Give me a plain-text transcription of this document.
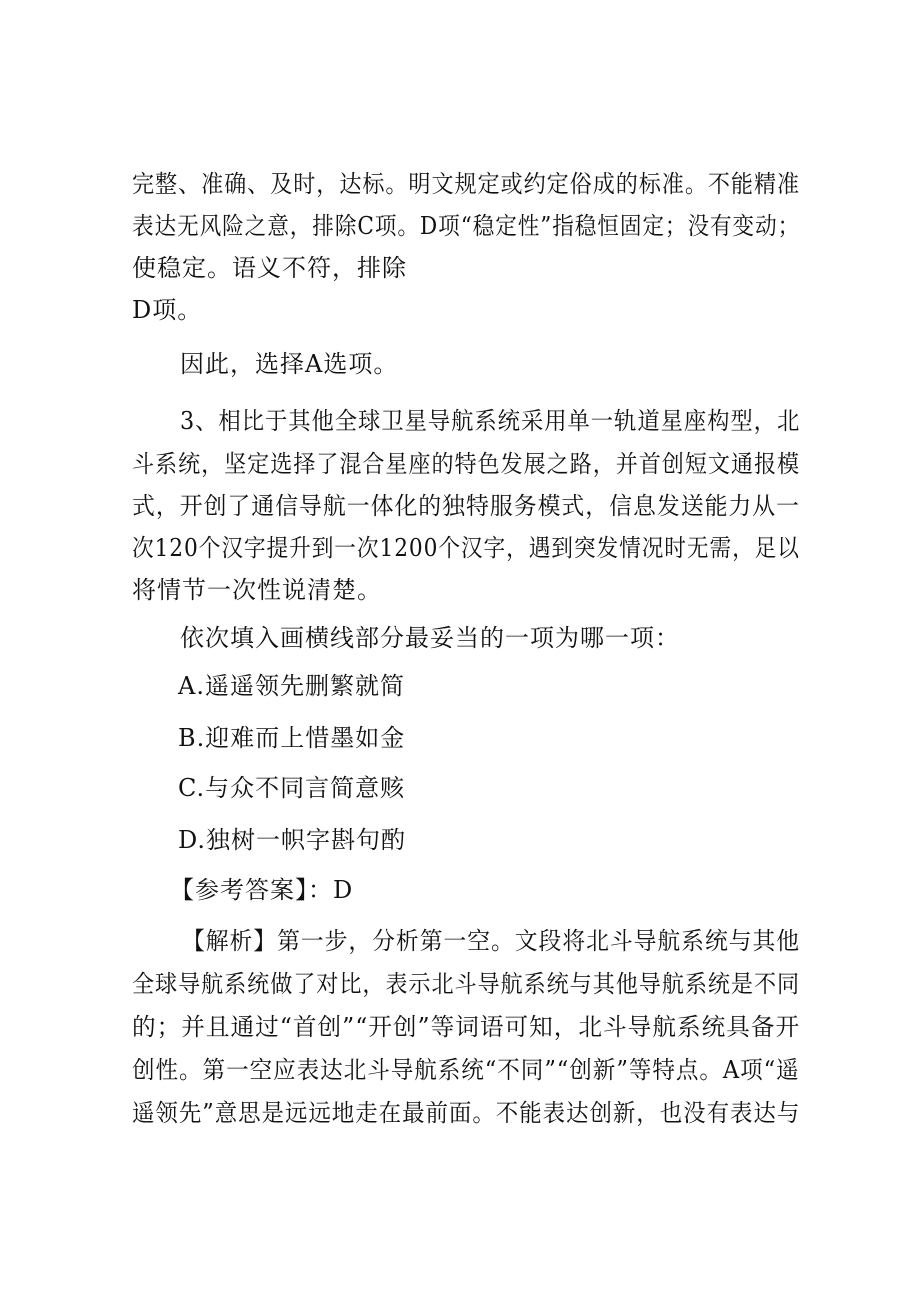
完整、准确、及时，达标。明文规定或约定俗成的标准。不能精准
表达无风险之意，排除C项。D项“稳定性”指稳恒固定；没有变动；
使稳定。语义不符，排除
D项。
因此，选择A选项。
3、相比于其他全球卫星导航系统采用单一轨道星座构型，北
斗系统，坚定选择了混合星座的特色发展之路，并首创短文通报模
式，开创了通信导航一体化的独特服务模式，信息发送能力从一
次120个汉字提升到一次1200个汉字，遇到突发情况时无需，足以
将情节一次性说清楚。
依次填入画横线部分最妥当的一项为哪一项：
A.遥遥领先删繁就简
B.迎难而上惜墨如金
C.与众不同言简意赅
D.独树一帜字斟句酌
【参考答案】：D
【解析】第一步，分析第一空。文段将北斗导航系统与其他
全球导航系统做了对比，表示北斗导航系统与其他导航系统是不同
的；并且通过“首创”“开创”等词语可知，北斗导航系统具备开
创性。第一空应表达北斗导航系统“不同”“创新”等特点。A项“遥
遥领先”意思是远远地走在最前面。不能表达创新，也没有表达与
